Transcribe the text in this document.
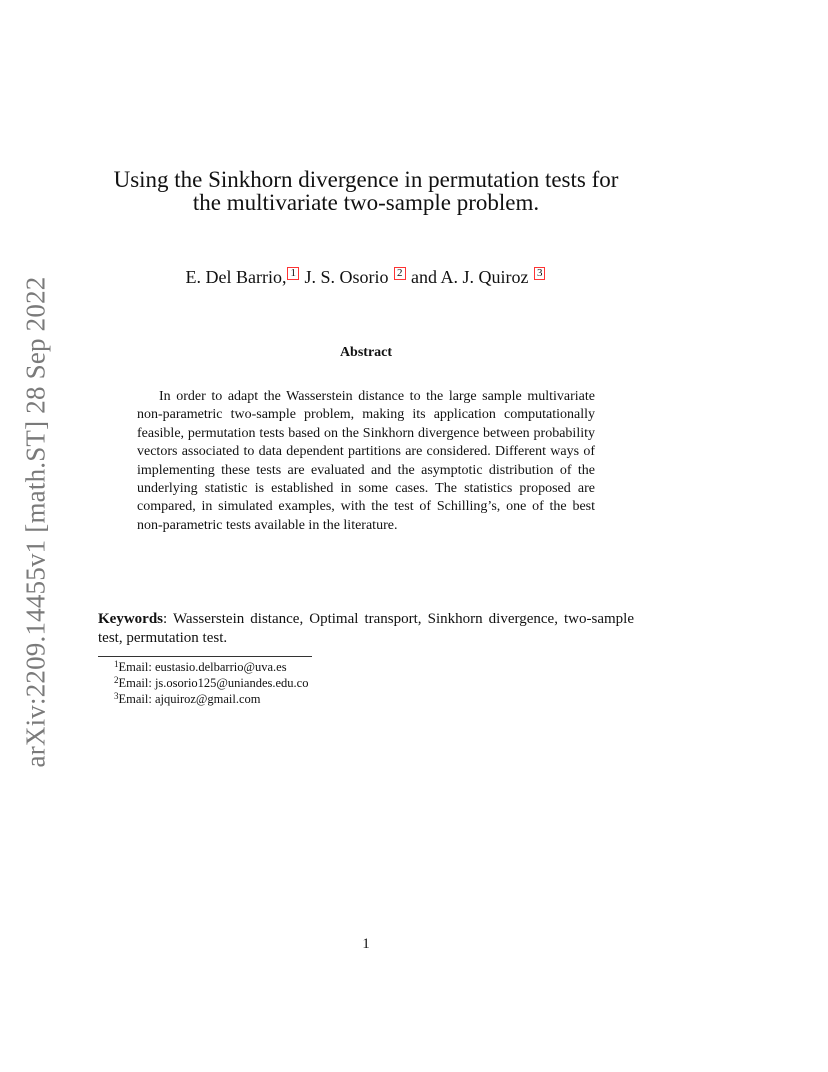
arXiv:2209.14455v1 [math.ST] 28 Sep 2022
Using the Sinkhorn divergence in permutation tests for
the multivariate two-sample problem.
E. Del Barrio, 1 J. S. Osorio 2 and A. J. Quiroz 3
Abstract

In order to adapt the Wasserstein distance to the large sample multivariate non-parametric two-sample problem, making its application computationally feasible, permutation tests based on the Sinkhorn divergence between probability vectors associated to data dependent partitions are considered. Different ways of implementing these tests are evaluated and the asymptotic distribution of the underlying statistic is established in some cases. The statistics proposed are compared, in simulated examples, with the test of Schilling’s, one of the best non-parametric tests available in the literature.

Keywords: Wasserstein distance, Optimal transport, Sinkhorn divergence, two-sample test, permutation test.

$^1$Email: eustasio.delbarrio@uva.es
$^2$Email: js.osorio125@uniandes.edu.co
$^3$Email: ajquiroz@gmail.com
1
